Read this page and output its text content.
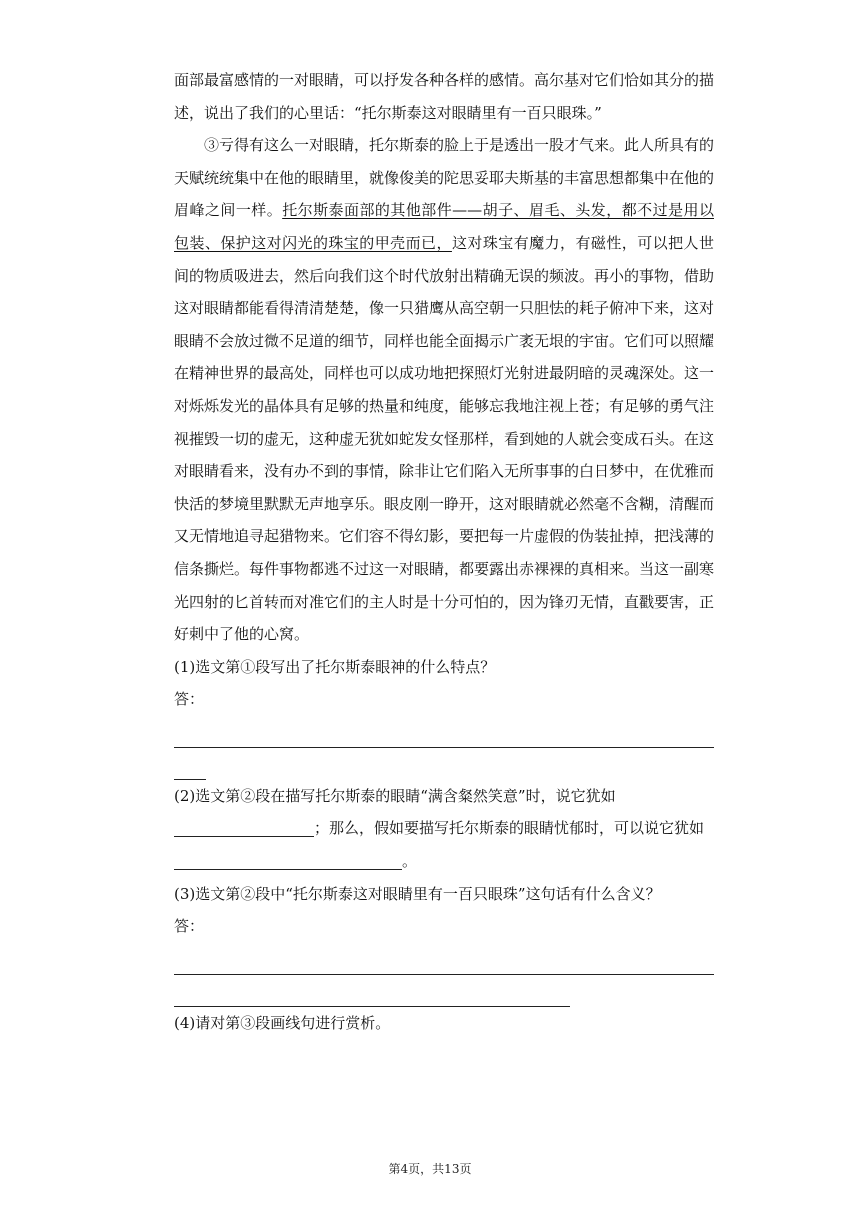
面部最富感情的一对眼睛，可以抒发各种各样的感情。高尔基对它们恰如其分的描述，说出了我们的心里话：“托尔斯泰这对眼睛里有一百只眼珠。”

③亏得有这么一对眼睛，托尔斯泰的脸上于是透出一股才气来。此人所具有的天赋统统集中在他的眼睛里，就像俊美的陀思妥耶夫斯基的丰富思想都集中在他的眉峰之间一样。托尔斯泰面部的其他部件——胡子、眉毛、头发，都不过是用以包装、保护这对闪光的珠宝的甲壳而已，这对珠宝有魔力，有磁性，可以把人世间的物质吸进去，然后向我们这个时代放射出精确无误的频波。再小的事物，借助这对眼睛都能看得清清楚楚，像一只猎鹰从高空朝一只胆怯的耗子俯冲下来，这对眼睛不会放过微不足道的细节，同样也能全面揭示广袤无垠的宇宙。它们可以照耀在精神世界的最高处，同样也可以成功地把探照灯光射进最阴暗的灵魂深处。这一对烁烁发光的晶体具有足够的热量和纯度，能够忘我地注视上苍；有足够的勇气注视摧毁一切的虚无，这种虚无犹如蛇发女怪那样，看到她的人就会变成石头。在这对眼睛看来，没有办不到的事情，除非让它们陷入无所事事的白日梦中，在优雅而快活的梦境里默默无声地享乐。眼皮刚一睁开，这对眼睛就必然毫不含糊，清醒而又无情地追寻起猎物来。它们容不得幻影，要把每一片虚假的伪装扯掉，把浅薄的信条撕烂。每件事物都逃不过这一对眼睛，都要露出赤裸裸的真相来。当这一副寒光四射的匕首转而对准它们的主人时是十分可怕的，因为锋刃无情，直戳要害，正好刺中了他的心窝。

(1)选文第①段写出了托尔斯泰眼神的什么特点？

答：

(2)选文第②段在描写托尔斯泰的眼睛“满含粲然笑意”时，说它犹如

；那么，假如要描写托尔斯泰的眼睛忧郁时，可以说它犹如

。

(3)选文第②段中“托尔斯泰这对眼睛里有一百只眼珠”这句话有什么含义？

答：

(4)请对第③段画线句进行赏析。

第4页，共13页
